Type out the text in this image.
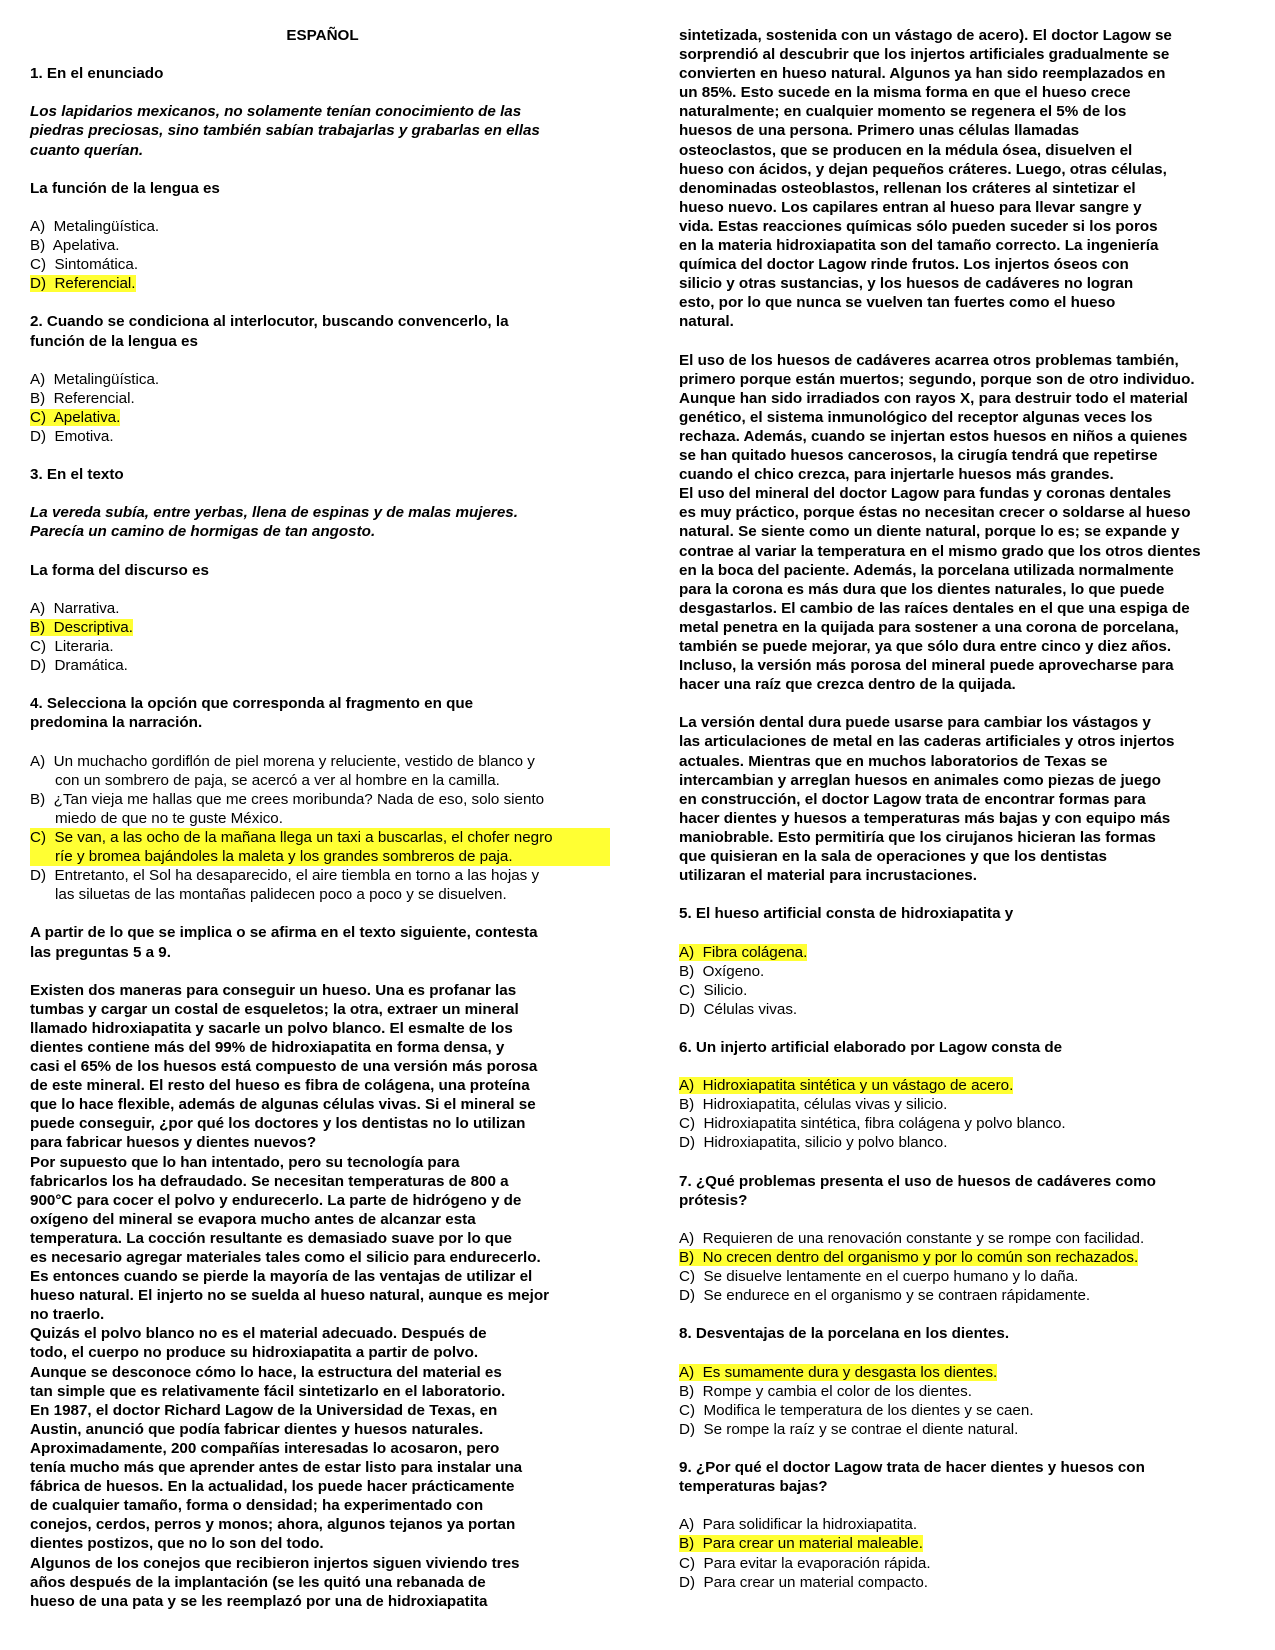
ESPAÑOL
1. En el enunciado
Los lapidarios mexicanos, no solamente tenían conocimiento de las
piedras preciosas, sino también sabían trabajarlas y grabarlas en ellas
cuanto querían.
La función de la lengua es
A)  Metalingüística.
B)  Apelativa.
C)  Sintomática.
D)  Referencial.
2. Cuando se condiciona al interlocutor, buscando convencerlo, la
función de la lengua es
A)  Metalingüística.
B)  Referencial.
C)  Apelativa.
D)  Emotiva.
3. En el texto
La vereda subía, entre yerbas, llena de espinas y de malas mujeres.
Parecía un camino de hormigas de tan angosto.
La forma del discurso es
A)  Narrativa.
B)  Descriptiva.
C)  Literaria.
D)  Dramática.
4. Selecciona la opción que corresponda al fragmento en que
predomina la narración.
A)  Un muchacho gordiflón de piel morena y reluciente, vestido de blanco y
con un sombrero de paja, se acercó a ver al hombre en la camilla.
B)  ¿Tan vieja me hallas que me crees moribunda? Nada de eso, solo siento
miedo de que no te guste México.
C)  Se van, a las ocho de la mañana llega un taxi a buscarlas, el chofer negro
ríe y bromea bajándoles la maleta y los grandes sombreros de paja.
D)  Entretanto, el Sol ha desaparecido, el aire tiembla en torno a las hojas y
las siluetas de las montañas palidecen poco a poco y se disuelven.
A partir de lo que se implica o se afirma en el texto siguiente, contesta
las preguntas 5 a 9.
Existen dos maneras para conseguir un hueso. Una es profanar las
tumbas y cargar un costal de esqueletos; la otra, extraer un mineral
llamado hidroxiapatita y sacarle un polvo blanco. El esmalte de los
dientes contiene más del 99% de hidroxiapatita en forma densa, y
casi el 65% de los huesos está compuesto de una versión más porosa
de este mineral. El resto del hueso es fibra de colágena, una proteína
que lo hace flexible, además de algunas células vivas. Si el mineral se
puede conseguir, ¿por qué los doctores y los dentistas no lo utilizan
para fabricar huesos y dientes nuevos?
Por supuesto que lo han intentado, pero su tecnología para
fabricarlos los ha defraudado. Se necesitan temperaturas de 800 a
900°C para cocer el polvo y endurecerlo. La parte de hidrógeno y de
oxígeno del mineral se evapora mucho antes de alcanzar esta
temperatura. La cocción resultante es demasiado suave por lo que
es necesario agregar materiales tales como el silicio para endurecerlo.
Es entonces cuando se pierde la mayoría de las ventajas de utilizar el
hueso natural. El injerto no se suelda al hueso natural, aunque es mejor
no traerlo.
Quizás el polvo blanco no es el material adecuado. Después de
todo, el cuerpo no produce su hidroxiapatita a partir de polvo.
Aunque se desconoce cómo lo hace, la estructura del material es
tan simple que es relativamente fácil sintetizarlo en el laboratorio.
En 1987, el doctor Richard Lagow de la Universidad de Texas, en
Austin, anunció que podía fabricar dientes y huesos naturales.
Aproximadamente, 200 compañías interesadas lo acosaron, pero
tenía mucho más que aprender antes de estar listo para instalar una
fábrica de huesos. En la actualidad, los puede hacer prácticamente
de cualquier tamaño, forma o densidad; ha experimentado con
conejos, cerdos, perros y monos; ahora, algunos tejanos ya portan
dientes postizos, que no lo son del todo.
Algunos de los conejos que recibieron injertos siguen viviendo tres
años después de la implantación (se les quitó una rebanada de
hueso de una pata y se les reemplazó por una de hidroxiapatita
sintetizada, sostenida con un vástago de acero). El doctor Lagow se
sorprendió al descubrir que los injertos artificiales gradualmente se
convierten en hueso natural. Algunos ya han sido reemplazados en
un 85%. Esto sucede en la misma forma en que el hueso crece
naturalmente; en cualquier momento se regenera el 5% de los
huesos de una persona. Primero unas células llamadas
osteoclastos, que se producen en la médula ósea, disuelven el
hueso con ácidos, y dejan pequeños cráteres. Luego, otras células,
denominadas osteoblastos, rellenan los cráteres al sintetizar el
hueso nuevo. Los capilares entran al hueso para llevar sangre y
vida. Estas reacciones químicas sólo pueden suceder si los poros
en la materia hidroxiapatita son del tamaño correcto. La ingeniería
química del doctor Lagow rinde frutos. Los injertos óseos con
silicio y otras sustancias, y los huesos de cadáveres no logran
esto, por lo que nunca se vuelven tan fuertes como el hueso
natural.
El uso de los huesos de cadáveres acarrea otros problemas también,
primero porque están muertos; segundo, porque son de otro individuo.
Aunque han sido irradiados con rayos X, para destruir todo el material
genético, el sistema inmunológico del receptor algunas veces los
rechaza. Además, cuando se injertan estos huesos en niños a quienes
se han quitado huesos cancerosos, la cirugía tendrá que repetirse
cuando el chico crezca, para injertarle huesos más grandes.
El uso del mineral del doctor Lagow para fundas y coronas dentales
es muy práctico, porque éstas no necesitan crecer o soldarse al hueso
natural. Se siente como un diente natural, porque lo es; se expande y
contrae al variar la temperatura en el mismo grado que los otros dientes
en la boca del paciente. Además, la porcelana utilizada normalmente
para la corona es más dura que los dientes naturales, lo que puede
desgastarlos. El cambio de las raíces dentales en el que una espiga de
metal penetra en la quijada para sostener a una corona de porcelana,
también se puede mejorar, ya que sólo dura entre cinco y diez años.
Incluso, la versión más porosa del mineral puede aprovecharse para
hacer una raíz que crezca dentro de la quijada.
La versión dental dura puede usarse para cambiar los vástagos y
las articulaciones de metal en las caderas artificiales y otros injertos
actuales. Mientras que en muchos laboratorios de Texas se
intercambian y arreglan huesos en animales como piezas de juego
en construcción, el doctor Lagow trata de encontrar formas para
hacer dientes y huesos a temperaturas más bajas y con equipo más
maniobrable. Esto permitiría que los cirujanos hicieran las formas
que quisieran en la sala de operaciones y que los dentistas
utilizaran el material para incrustaciones.
5. El hueso artificial consta de hidroxiapatita y
A)  Fibra colágena.
B)  Oxígeno.
C)  Silicio.
D)  Células vivas.
6. Un injerto artificial elaborado por Lagow consta de
A)  Hidroxiapatita sintética y un vástago de acero.
B)  Hidroxiapatita, células vivas y silicio.
C)  Hidroxiapatita sintética, fibra colágena y polvo blanco.
D)  Hidroxiapatita, silicio y polvo blanco.
7. ¿Qué problemas presenta el uso de huesos de cadáveres como
prótesis?
A)  Requieren de una renovación constante y se rompe con facilidad.
B)  No crecen dentro del organismo y por lo común son rechazados.
C)  Se disuelve lentamente en el cuerpo humano y lo daña.
D)  Se endurece en el organismo y se contraen rápidamente.
8. Desventajas de la porcelana en los dientes.
A)  Es sumamente dura y desgasta los dientes.
B)  Rompe y cambia el color de los dientes.
C)  Modifica le temperatura de los dientes y se caen.
D)  Se rompe la raíz y se contrae el diente natural.
9. ¿Por qué el doctor Lagow trata de hacer dientes y huesos con
temperaturas bajas?
A)  Para solidificar la hidroxiapatita.
B)  Para crear un material maleable.
C)  Para evitar la evaporación rápida.
D)  Para crear un material compacto.
